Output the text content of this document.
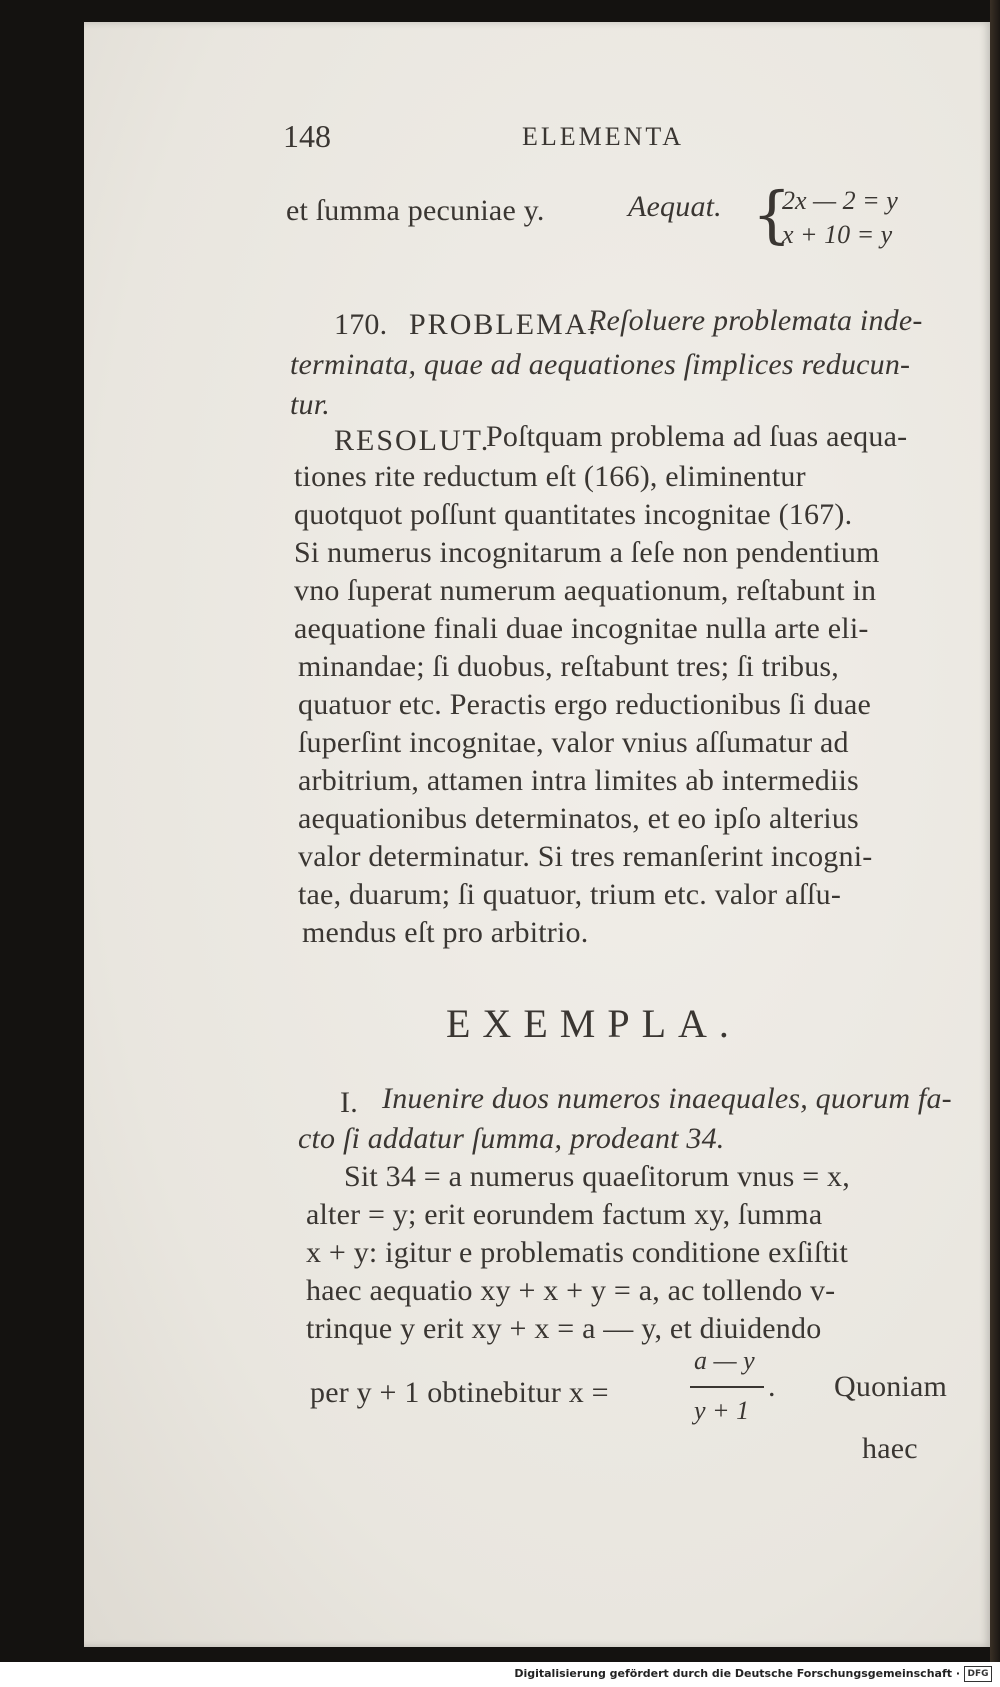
148	ELEMENTA
et ſumma pecuniae y.	Aequat. {
2x — 2 = y
x + 10 = y
170. PROBLEMA.
Reſoluere problemata inde-
terminata, quae ad aequationes ſimplices reducun-
tur.
RESOLUT.
Poſtquam problema ad ſuas aequa-
tiones rite reductum eſt (166), eliminentur
quotquot poſſunt quantitates incognitae (167).
Si numerus incognitarum a ſeſe non pendentium
vno ſuperat numerum aequationum, reſtabunt in
aequatione finali duae incognitae nulla arte eli-
minandae; ſi duobus, reſtabunt tres; ſi tribus,
quatuor etc. Peractis ergo reductionibus ſi duae
ſuperſint incognitae, valor vnius aſſumatur ad
arbitrium, attamen intra limites ab intermediis
aequationibus determinatos, et eo ipſo alterius
valor determinatur. Si tres remanſerint incogni-
tae, duarum; ſi quatuor, trium etc. valor aſſu-
mendus eſt pro arbitrio.
EXEMPLA.
I. Inuenire duos numeros inaequales, quorum fa-
cto ſi addatur ſumma, prodeant 34.
Sit 34 = a numerus quaeſitorum vnus = x,
alter = y; erit eorundem factum xy, ſumma
x + y: igitur e problematis conditione exſiſtit
haec aequatio xy + x + y = a, ac tollendo v-
trinque y erit xy + x = a — y, et diuidendo
per y + 1 obtinebitur x =
a — y
y + 1
. Quoniam
haec
Digitalisierung gefördert durch die Deutsche Forschungsgemeinschaft · DFG
